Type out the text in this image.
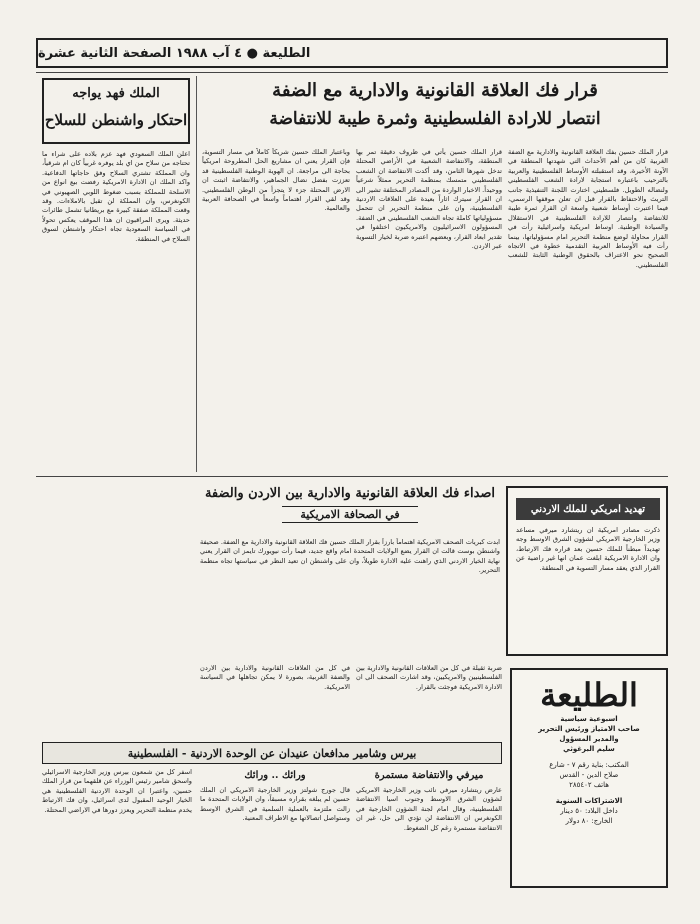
الطليعة ● ٤ آب ١٩٨٨ الصفحة الثانية عشرة
قرار فك العلاقة القانونية والادارية مع الضفة
انتصار للارادة الفلسطينية وثمرة طيبة للانتفاضة
الملك فهد يواجه
احتكار واشنطن للسلاح

قرار الملك حسين بفك العلاقة القانونية والادارية مع الضفة الغربية كان من أهم الأحداث التي شهدتها المنطقة في الآونة الأخيرة، وقد استقبلته الأوساط الفلسطينية والعربية بالترحيب باعتباره استجابة لارادة الشعب الفلسطيني ولنضاله الطويل. فلسطيني اختارت اللجنة التنفيذية جانب التريث والاحتفاظ بالقرار قبل ان تعلن موقفها الرسمي، فيما اعتبرت أوساط شعبية واسعة ان القرار ثمرة طيبة للانتفاضة وانتصار للارادة الفلسطينية في الاستقلال والسيادة الوطنية. اوساط امريكية واسرائيلية رأت في القرار محاولة لوضع منظمة التحرير امام مسؤولياتها، بينما رأت فيه الأوساط العربية التقدمية خطوة في الاتجاه الصحيح نحو الاعتراف بالحقوق الوطنية الثابتة للشعب الفلسطيني.

قرار الملك حسين يأتي في ظروف دقيقة تمر بها المنطقة، والانتفاضة الشعبية في الأراضي المحتلة تدخل شهرها الثامن، وقد أكدت الانتفاضة ان الشعب الفلسطيني متمسك بمنظمة التحرير ممثلاً شرعياً ووحيداً. الاخبار الواردة من المصادر المختلفة تشير الى ان القرار سيترك اثاراً بعيدة على العلاقات الاردنية الفلسطينية، وان على منظمة التحرير ان تتحمل مسؤولياتها كاملة تجاه الشعب الفلسطيني في الضفة. المسؤولون الاسرائيليون والامريكيون اختلفوا في تقدير ابعاد القرار، وبعضهم اعتبره ضربة لخيار التسوية عبر الاردن.

وباعتبار الملك حسين شريكاً كاملاً في مسار التسوية، فإن القرار يعني ان مشاريع الحل المطروحة امريكياً بحاجة الى مراجعة. ان الهوية الوطنية الفلسطينية قد تعززت بفضل نضال الجماهير، والانتفاضة اثبتت ان الارض المحتلة جزء لا يتجزأ من الوطن الفلسطيني. وقد لقي القرار اهتماماً واسعاً في الصحافة العربية والعالمية.

اعلن الملك السعودي فهد عزم بلاده على شراء ما تحتاجه من سلاح من اي بلد يوفره غربياً كان ام شرقياً، وان المملكة تشتري السلاح وفق حاجاتها الدفاعية. واكد الملك ان الادارة الامريكية رفضت بيع انواع من الاسلحة للمملكة بسبب ضغوط اللوبي الصهيوني في الكونغرس، وان المملكة لن تقبل بالاملاءات. وقد وقعت المملكة صفقة كبيرة مع بريطانيا تشمل طائرات حديثة. ويرى المراقبون ان هذا الموقف يعكس تحولاً في السياسة السعودية تجاه احتكار واشنطن لسوق السلاح في المنطقة.

تهديد امريكي للملك الاردني
ذكرت مصادر امريكية ان ريتشارد ميرفي مساعد وزير الخارجية الامريكي لشؤون الشرق الاوسط وجه تهديداً مبطناً للملك حسين بعد قراره فك الارتباط، وان الادارة الامريكية ابلغت عمان انها غير راضية عن القرار الذي يعقد مسار التسوية في المنطقة.
اصداء فك العلاقة القانونية والادارية بين الاردن والضفة
في الصحافة الامريكية

ابدت كبريات الصحف الامريكية اهتماماً بارزاً بقرار الملك حسين فك العلاقة القانونية والادارية مع الضفة. صحيفة واشنطن بوست قالت ان القرار يضع الولايات المتحدة امام واقع جديد، فيما رأت نيويورك تايمز ان القرار يعني نهاية الخيار الاردني الذي راهنت عليه الادارة طويلاً، وان على واشنطن ان تعيد النظر في سياستها تجاه منظمة التحرير.

ضربة ثقيلة في كل من العلاقات القانونية والادارية بين الفلسطينيين والامريكيين، وقد اشارت الصحف الى ان الادارة الامريكية فوجئت بالقرار.

في كل من العلاقات القانونية والادارية بين الاردن والضفة الغربية، بصورة لا يمكن تجاهلها في السياسة الامريكية.

ميرفي والانتفاضة مستمرة

عارض ريتشارد ميرفي نائب وزير الخارجية الامريكي لشؤون الشرق الاوسط وجنوب اسيا الانتفاضة الفلسطينية، وقال امام لجنة الشؤون الخارجية في الكونغرس ان الانتفاضة لن تؤدي الى حل، غير ان الانتفاضة مستمرة رغم كل الضغوط.

ورائك .. ورائك

قال جورج شولتز وزير الخارجية الامريكي ان الملك حسين لم يبلغه بقراره مسبقاً، وان الولايات المتحدة ما زالت ملتزمة بالعملية السلمية في الشرق الاوسط وستواصل اتصالاتها مع الاطراف المعنية.

بيرس وشامير مدافعان عنيدان عن الوحدة الاردنية - الفلسطينية

اسفر كل من شمعون بيرس وزير الخارجية الاسرائيلي واسحق شامير رئيس الوزراء عن قلقهما من قرار الملك حسين، واعتبرا ان الوحدة الاردنية الفلسطينية هي الخيار الوحيد المقبول لدى اسرائيل، وان فك الارتباط يخدم منظمة التحرير ويعزز دورها في الاراضي المحتلة.

الطليعة
اسبوعية سياسية
صاحب الامتياز ورئيس التحرير
والمدير المسؤول
سليم البرغوثي
المكتب: بناية رقم ٧ - شارع
صلاح الدين - القدس
هاتف ٢٨٥٤٠٢
الاشتراكات السنوية
داخل البلاد: ٥٠ دينار
الخارج: ٨٠ دولار
